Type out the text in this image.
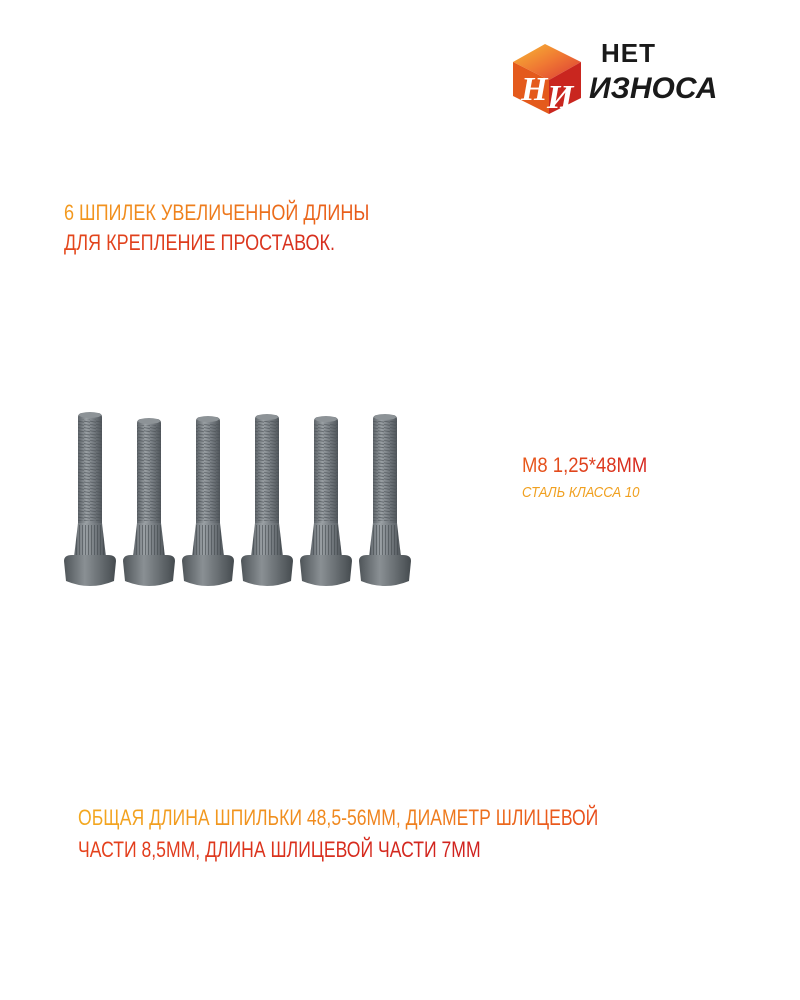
Н И
НЕТ
ИЗНОСА
6 ШПИЛЕК УВЕЛИЧЕННОЙ ДЛИНЫ
ДЛЯ КРЕПЛЕНИЕ ПРОСТАВОК.
M8 1,25*48ММ
СТАЛЬ КЛАССА 10
ОБЩАЯ ДЛИНА ШПИЛЬКИ 48,5-56ММ, ДИАМЕТР ШЛИЦЕВОЙ
ЧАСТИ 8,5ММ, ДЛИНА ШЛИЦЕВОЙ ЧАСТИ 7ММ
